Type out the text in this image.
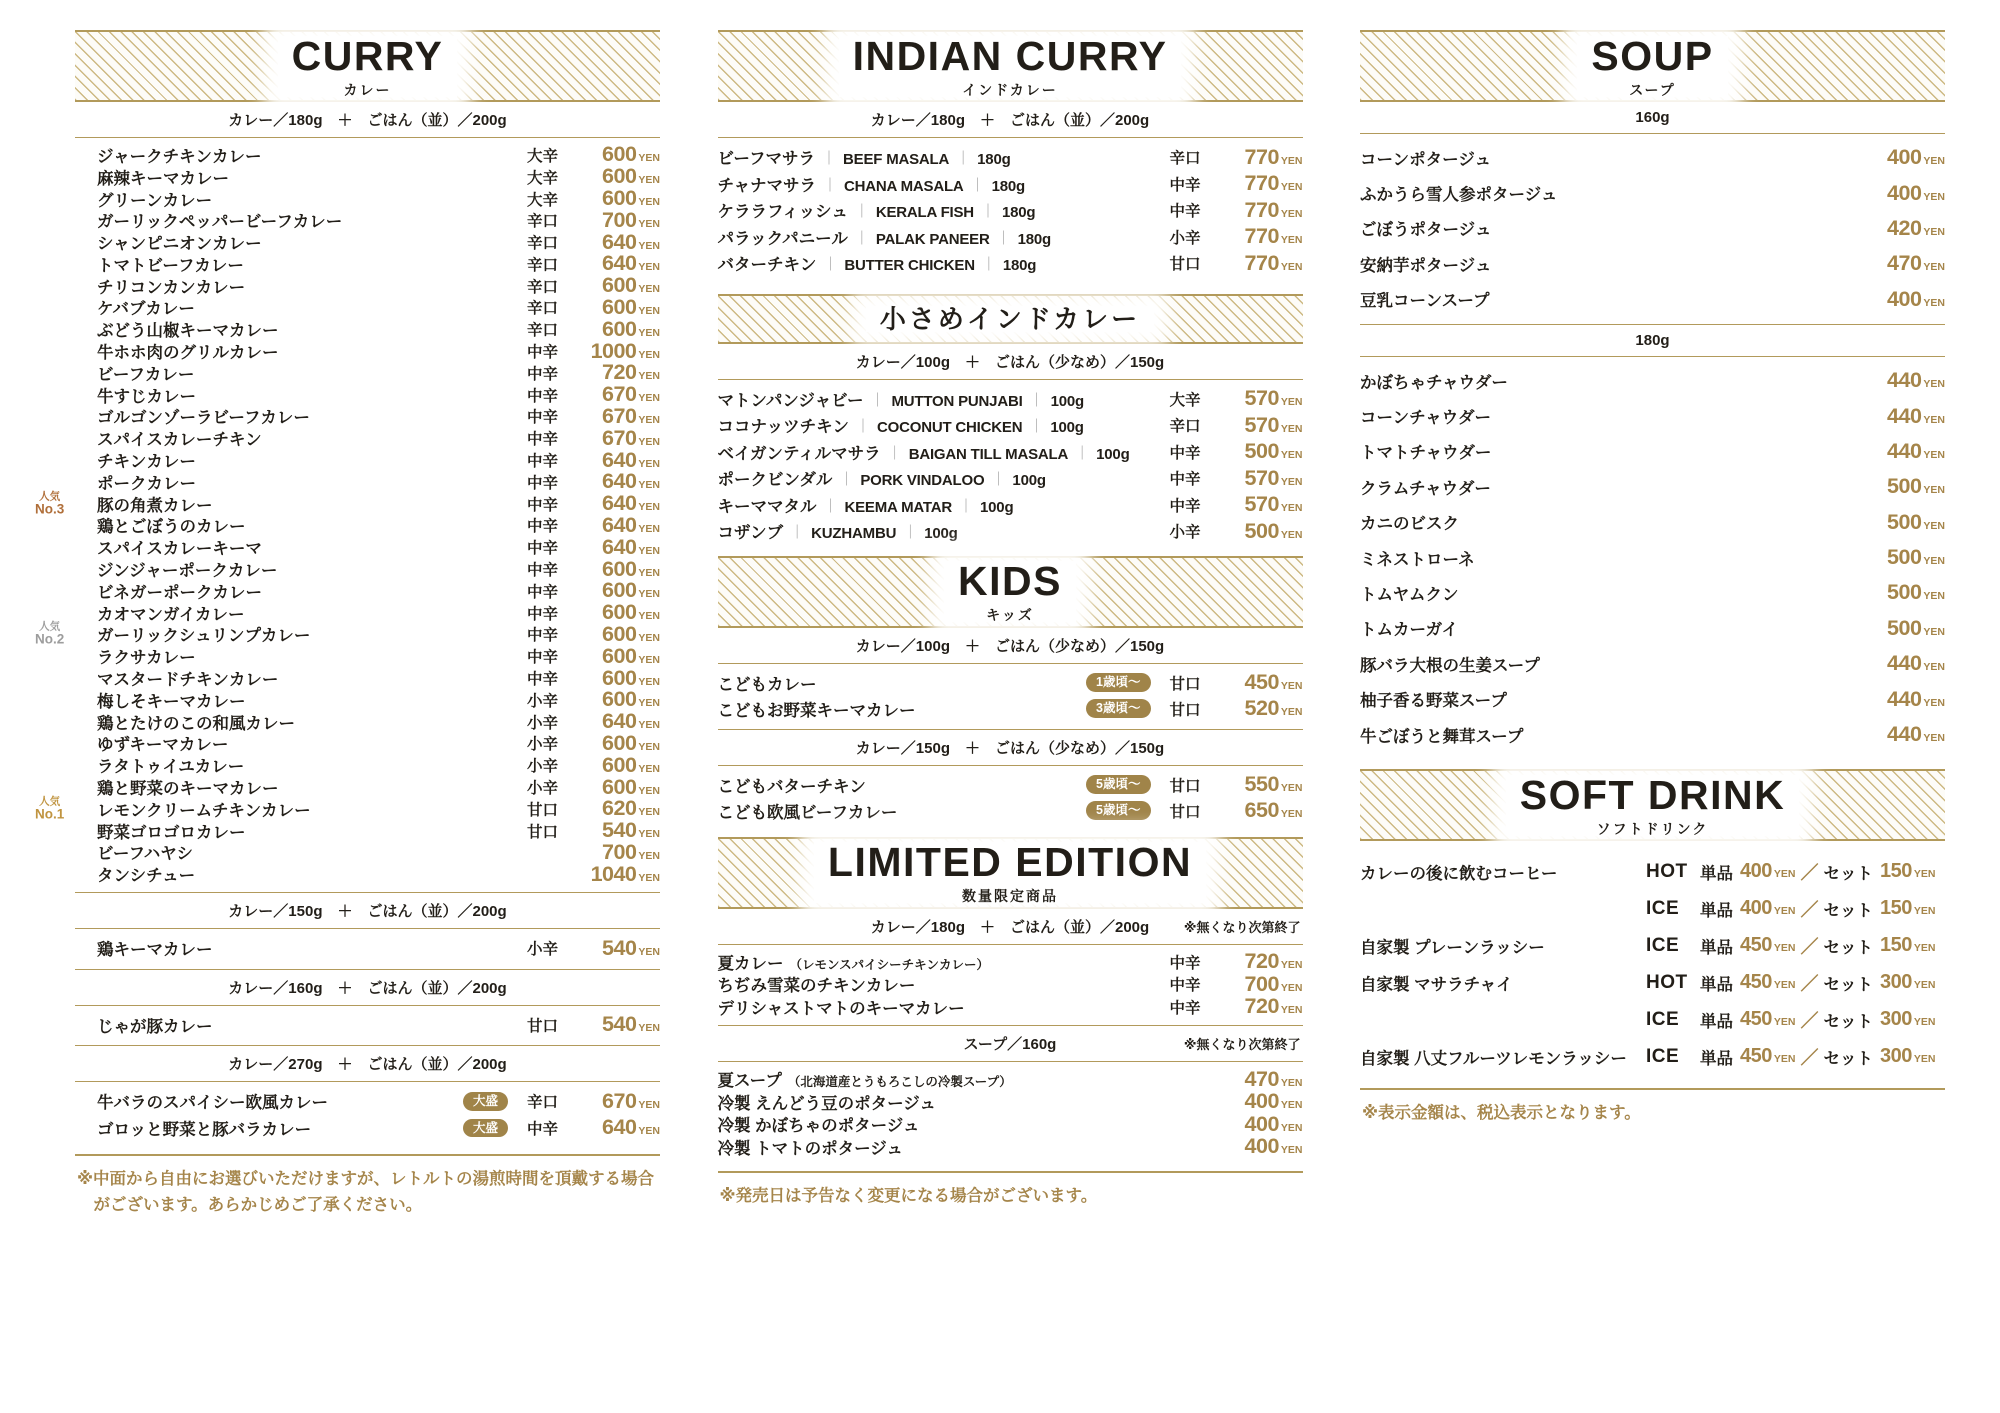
CURRY
カレー
カレー／180g　＋　ごはん（並）／200g
ジャークチキンカレー	大辛	600 YEN
麻辣キーマカレー	大辛	600 YEN
グリーンカレー	大辛	600 YEN
ガーリックペッパービーフカレー	辛口	700 YEN
シャンピニオンカレー	辛口	640 YEN
トマトビーフカレー	辛口	640 YEN
チリコンカンカレー	辛口	600 YEN
ケバブカレー	辛口	600 YEN
ぶどう山椒キーマカレー	辛口	600 YEN
牛ホホ肉のグリルカレー	中辛	1000 YEN
ビーフカレー	中辛	720 YEN
牛すじカレー	中辛	670 YEN
ゴルゴンゾーラビーフカレー	中辛	670 YEN
スパイスカレーチキン	中辛	670 YEN
チキンカレー	中辛	640 YEN
ポークカレー	中辛	640 YEN
人気
No.3	豚の角煮カレー	中辛	640 YEN
鶏とごぼうのカレー	中辛	640 YEN
スパイスカレーキーマ	中辛	640 YEN
ジンジャーポークカレー	中辛	600 YEN
ビネガーポークカレー	中辛	600 YEN
カオマンガイカレー	中辛	600 YEN
人気
No.2	ガーリックシュリンプカレー	中辛	600 YEN
ラクサカレー	中辛	600 YEN
マスタードチキンカレー	中辛	600 YEN
梅しそキーマカレー	小辛	600 YEN
鶏とたけのこの和風カレー	小辛	640 YEN
ゆずキーマカレー	小辛	600 YEN
ラタトゥイユカレー	小辛	600 YEN
鶏と野菜のキーマカレー	小辛	600 YEN
人気
No.1	レモンクリームチキンカレー	甘口	620 YEN
野菜ゴロゴロカレー	甘口	540 YEN
ビーフハヤシ	700 YEN
タンシチュー	1040 YEN
カレー／150g　＋　ごはん（並）／200g
鶏キーマカレー	小辛	540 YEN
カレー／160g　＋　ごはん（並）／200g
じゃが豚カレー	甘口	540 YEN
カレー／270g　＋　ごはん（並）／200g
牛バラのスパイシー欧風カレー	大盛	辛口	670 YEN
ゴロッと野菜と豚バラカレー	大盛	中辛	640 YEN
※中面から自由にお選びいただけますが、レトルトの湯煎時間を頂戴する場合がございます。あらかじめご了承ください。
INDIAN CURRY
インドカレー
カレー／180g　＋　ごはん（並）／200g
ビーフマサラ ｜ BEEF MASALA ｜ 180g	辛口	770 YEN
チャナマサラ ｜ CHANA MASALA ｜ 180g	中辛	770 YEN
ケララフィッシュ ｜ KERALA FISH ｜ 180g	中辛	770 YEN
パラックパニール ｜ PALAK PANEER ｜ 180g	小辛	770 YEN
バターチキン ｜ BUTTER CHICKEN ｜ 180g	甘口	770 YEN
小さめインドカレー
カレー／100g　＋　ごはん（少なめ）／150g
マトンパンジャビー ｜ MUTTON PUNJABI ｜ 100g	大辛	570 YEN
ココナッツチキン ｜ COCONUT CHICKEN ｜ 100g	辛口	570 YEN
ベイガンティルマサラ ｜ BAIGAN TILL MASALA ｜ 100g	中辛	500 YEN
ポークビンダル ｜ PORK VINDALOO ｜ 100g	中辛	570 YEN
キーママタル ｜ KEEMA MATAR ｜ 100g	中辛	570 YEN
コザンブ ｜ KUZHAMBU ｜ 100g	小辛	500 YEN
KIDS
キッズ
カレー／100g　＋　ごはん（少なめ）／150g
こどもカレー	1歳頃～	甘口	450 YEN
こどもお野菜キーマカレー	3歳頃～	甘口	520 YEN
カレー／150g　＋　ごはん（少なめ）／150g
こどもバターチキン	5歳頃～	甘口	550 YEN
こども欧風ビーフカレー	5歳頃～	甘口	650 YEN
LIMITED EDITION
数量限定商品
カレー／180g　＋　ごはん（並）／200g	※無くなり次第終了
夏カレー （レモンスパイシーチキンカレー）	中辛	720 YEN
ちぢみ雪菜のチキンカレー	中辛	700 YEN
デリシャストマトのキーマカレー	中辛	720 YEN
スープ／160g	※無くなり次第終了
夏スープ （北海道産とうもろこしの冷製スープ）	470 YEN
冷製 えんどう豆のポタージュ	400 YEN
冷製 かぼちゃのポタージュ	400 YEN
冷製 トマトのポタージュ	400 YEN
※発売日は予告なく変更になる場合がございます。
SOUP
スープ
160g
コーンポタージュ	400 YEN
ふかうら雪人参ポタージュ	400 YEN
ごぼうポタージュ	420 YEN
安納芋ポタージュ	470 YEN
豆乳コーンスープ	400 YEN
180g
かぼちゃチャウダー	440 YEN
コーンチャウダー	440 YEN
トマトチャウダー	440 YEN
クラムチャウダー	500 YEN
カニのビスク	500 YEN
ミネストローネ	500 YEN
トムヤムクン	500 YEN
トムカーガイ	500 YEN
豚バラ大根の生姜スープ	440 YEN
柚子香る野菜スープ	440 YEN
牛ごぼうと舞茸スープ	440 YEN
SOFT DRINK
ソフトドリンク
カレーの後に飲むコーヒー	HOT 単品 400 YEN ／ セット 150 YEN
ICE	単品 400 YEN ／ セット 150 YEN
自家製 プレーンラッシー	ICE	単品 450 YEN ／ セット 150 YEN
自家製 マサラチャイ	HOT 単品 450 YEN ／ セット 300 YEN
ICE	単品 450 YEN ／ セット 300 YEN
自家製 八丈フルーツレモンラッシー	ICE	単品 450 YEN ／ セット 300 YEN
※表示金額は、税込表示となります。
